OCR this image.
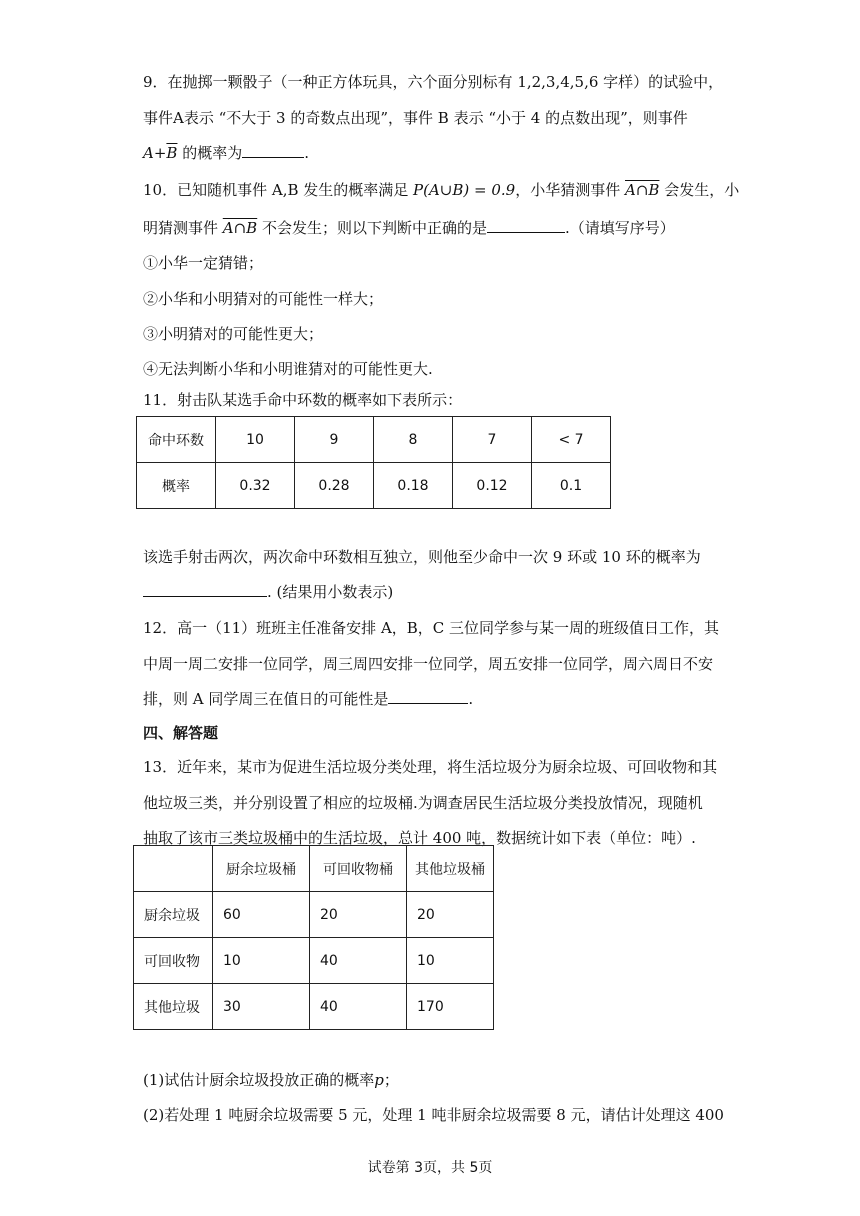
9．在抛掷一颗骰子（一种正方体玩具，六个面分别标有 1,2,3,4,5,6 字样）的试验中，
事件A表示 “不大于 3 的奇数点出现”，事件 B 表示 “小于 4 的点数出现”，则事件
$A+\overline{B}$ 的概率为	.
10．已知随机事件 A,B 发生的概率满足 P(A∪B) = 0.9，小华猜测事件 A∩B 会发生，小
明猜测事件 A∩B 不会发生；则以下判断中正确的是	.（请填写序号）
①小华一定猜错；
②小华和小明猜对的可能性一样大；
③小明猜对的可能性更大；
④无法判断小华和小明谁猜对的可能性更大.
11．射击队某选手命中环数的概率如下表所示：
命中环数	10	9	8	7	< 7
概率	0.32	0.28	0.18	0.12	0.1
该选手射击两次，两次命中环数相互独立，则他至少命中一次 9 环或 10 环的概率为
. (结果用小数表示)
12．高一（11）班班主任准备安排 A，B，C 三位同学参与某一周的班级值日工作，其
中周一周二安排一位同学，周三周四安排一位同学，周五安排一位同学，周六周日不安
排，则 A 同学周三在值日的可能性是	.
四、解答题
13．近年来，某市为促进生活垃圾分类处理，将生活垃圾分为厨余垃圾、可回收物和其
他垃圾三类，并分别设置了相应的垃圾桶.为调查居民生活垃圾分类投放情况，现随机
抽取了该市三类垃圾桶中的生活垃圾，总计 400 吨，数据统计如下表（单位：吨）.
	厨余垃圾桶	可回收物桶	其他垃圾桶
厨余垃圾	60	20	20
可回收物	10	40	10
其他垃圾	30	40	170
(1)试估计厨余垃圾投放正确的概率p；
(2)若处理 1 吨厨余垃圾需要 5 元，处理 1 吨非厨余垃圾需要 8 元，请估计处理这 400
试卷第 3页，共 5页
